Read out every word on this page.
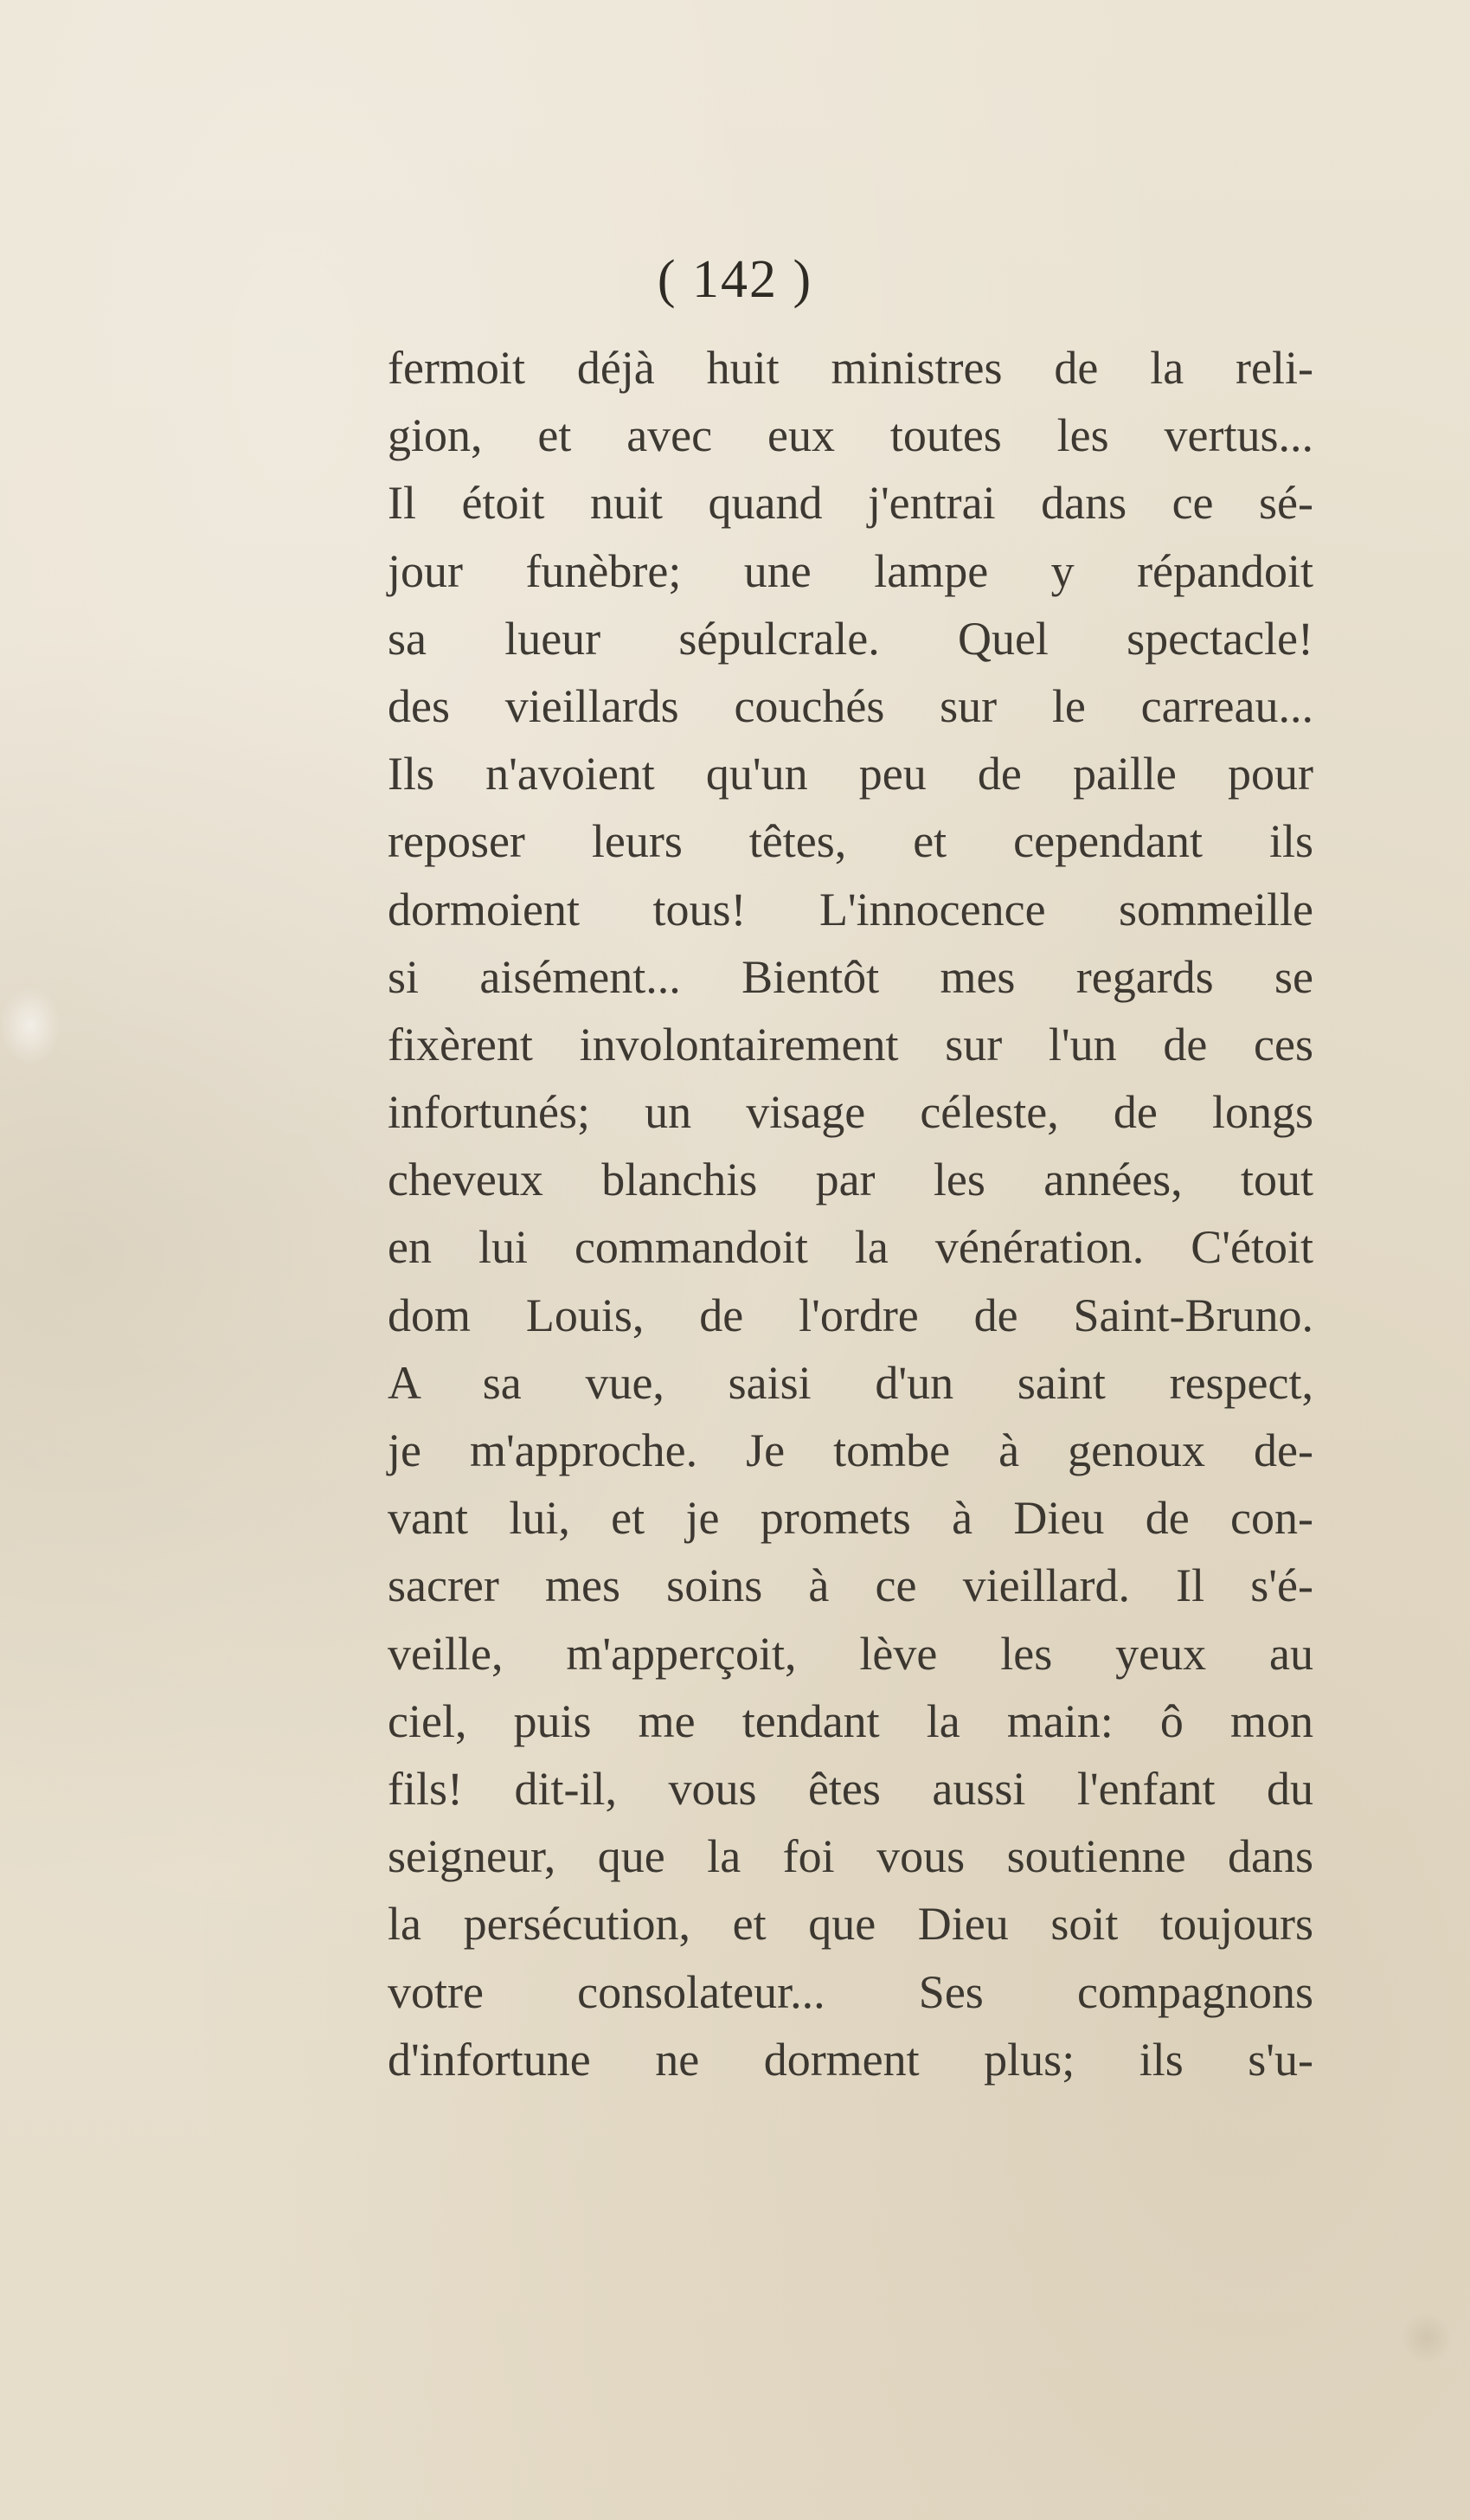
( 142 )
fermoit déjà huit ministres de la reli-
gion, et avec eux toutes les vertus...
Il étoit nuit quand j'entrai dans ce sé-
jour funèbre; une lampe y répandoit
sa lueur sépulcrale. Quel spectacle!
des vieillards couchés sur le carreau...
Ils n'avoient qu'un peu de paille pour
reposer leurs têtes, et cependant ils
dormoient tous! L'innocence sommeille
si aisément... Bientôt mes regards se
fixèrent involontairement sur l'un de ces
infortunés; un visage céleste, de longs
cheveux blanchis par les années, tout
en lui commandoit la vénération. C'étoit
dom Louis, de l'ordre de Saint-Bruno.
A sa vue, saisi d'un saint respect,
je m'approche. Je tombe à genoux de-
vant lui, et je promets à Dieu de con-
sacrer mes soins à ce vieillard. Il s'é-
veille, m'apperçoit, lève les yeux au
ciel, puis me tendant la main: ô mon
fils! dit-il, vous êtes aussi l'enfant du
seigneur, que la foi vous soutienne dans
la persécution, et que Dieu soit toujours
votre consolateur... Ses compagnons
d'infortune ne dorment plus; ils s'u-
